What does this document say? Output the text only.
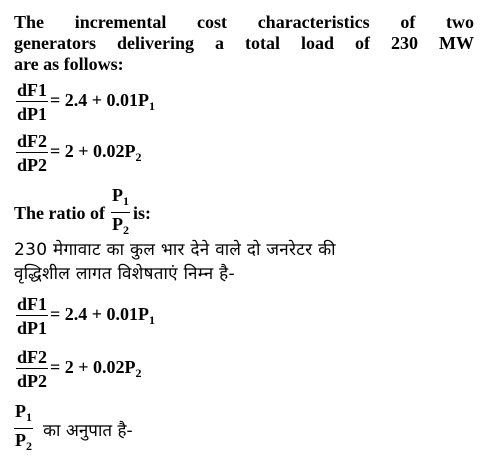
The incremental cost characteristics of two
generators delivering a total load of 230 MW
are as follows:
$\frac{dF1}{dP1} = 2.4 + 0.01P_1$
$\frac{dF2}{dP2} = 2 + 0.02P_2$
The ratio of $\frac{P_1}{P_2}$ is:
230 मेगावाट का कुल भार देने वाले दो जनरेटर की
वृद्धिशील लागत विशेषताएं निम्न है-
$\frac{dF1}{dP1} = 2.4 + 0.01P_1$
$\frac{dF2}{dP2} = 2 + 0.02P_2$
$\frac{P_1}{P_2}$ का अनुपात है-
